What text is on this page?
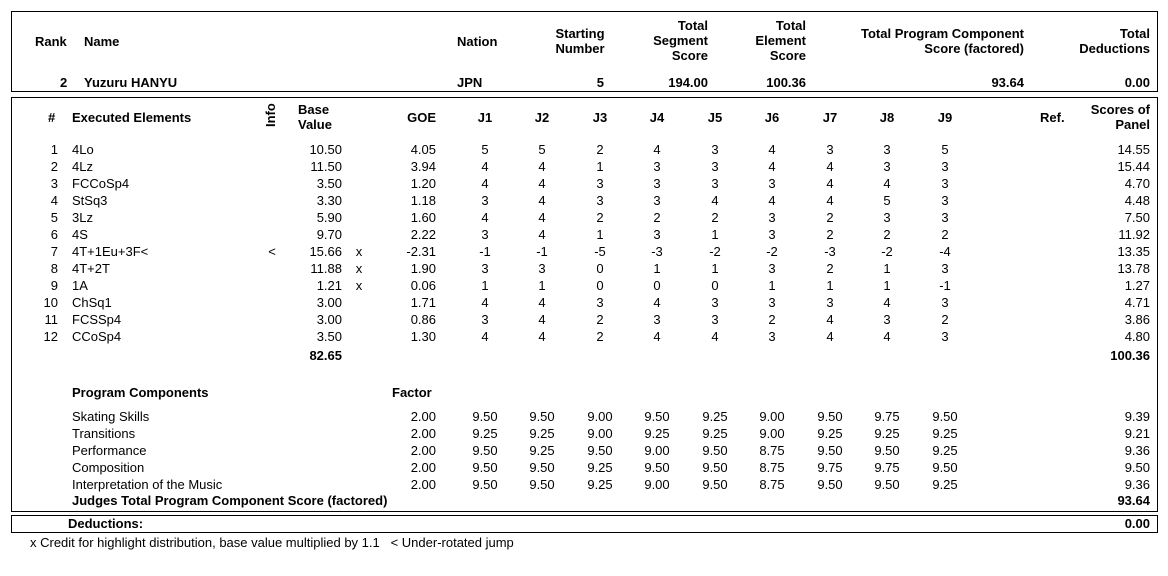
Rank Name	Nation
Starting
Number
Total
Segment
Score
Total
Element
Score
Total Program Component
Score (factored)
Total
Deductions
2 Yuzuru HANYU	JPN	5	194.00	100.36	93.64	0.00
# Executed Elements	Info Base
Value	GOE	Ref.
Scores of
Panel
J1	J2	J3	J4	J5	J6	J7	J8	J9
1 4Lo	10.50	4.05	5	5	2	4	3	4	3	3	5	14.55
2 4Lz	11.50	3.94	4	4	1	3	3	4	4	3	3	15.44
3 FCCoSp4	3.50	1.20	4	4	3	3	3	3	4	4	3	4.70
4 StSq3	3.30	1.18	3	4	3	3	4	4	4	5	3	4.48
5 3Lz	5.90	1.60	4	4	2	2	2	3	2	3	3	7.50
6 4S	9.70	2.22	3	4	1	3	1	3	2	2	2	11.92
7 4T+1Eu+3F<	<	15.66 x	-2.31	-1	-1	-5	-3	-2	-2	-3	-2	-4	13.35
8 4T+2T	11.88 x	1.90	3	3	0	1	1	3	2	1	3	13.78
9 1A	1.21 x	0.06	1	1	0	0	0	1	1	1	-1	1.27
10 ChSq1	3.00	1.71	4	4	3	4	3	3	3	4	3	4.71
11 FCSSp4	3.00	0.86	3	4	2	3	3	2	4	3	2	3.86
12 CCoSp4	3.50	1.30	4	4	2	4	4	3	4	4	3	4.80
82.65	100.36
Program Components	Factor
Skating Skills	2.00	9.50	9.50	9.00	9.50	9.25	9.00	9.50	9.75	9.50	9.39
Transitions	2.00	9.25	9.25	9.00	9.25	9.25	9.00	9.25	9.25	9.25	9.21
Performance	2.00	9.50	9.25	9.50	9.00	9.50	8.75	9.50	9.50	9.25	9.36
Composition	2.00	9.50	9.50	9.25	9.50	9.50	8.75	9.75	9.75	9.50	9.50
Interpretation of the Music	2.00	9.50	9.50	9.25	9.00	9.50	8.75	9.50	9.50	9.25	9.36
Judges Total Program Component Score (factored)	93.64
Deductions:	0.00
x Credit for highlight distribution, base value multiplied by 1.1   < Under-rotated jump
